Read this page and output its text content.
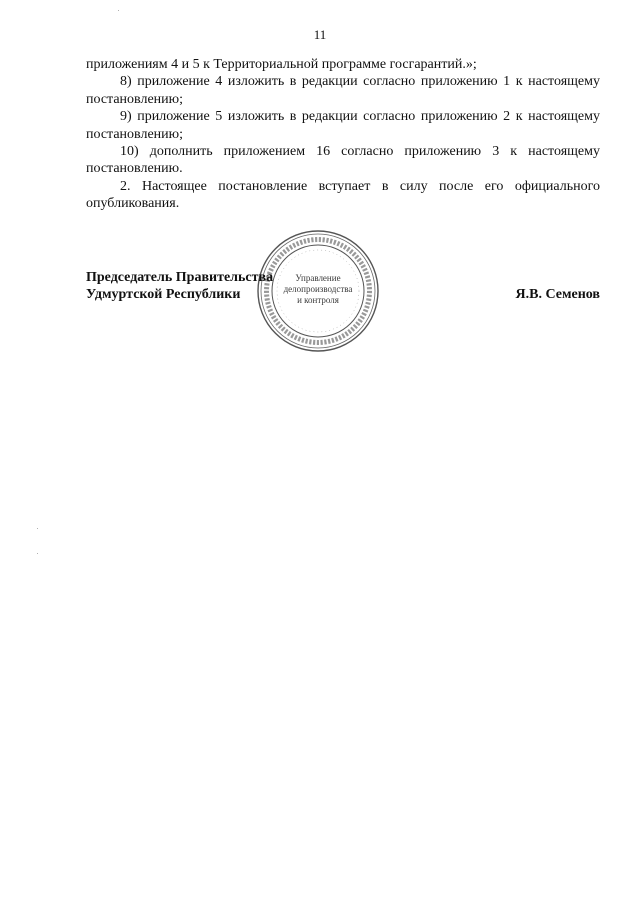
11

приложениям 4 и 5 к Территориальной программе госгарантий.»;

8) приложение 4 изложить в редакции согласно приложению 1 к настоящему постановлению;

9) приложение 5 изложить в редакции согласно приложению 2 к настоящему постановлению;

10) дополнить приложением 16 согласно приложению 3 к настоящему постановлению.

2. Настоящее постановление вступает в силу после его официального опубликования.

Управление
делопроизводства
и контроля
Председатель Правительства
Удмуртской Республики	Я.В. Семенов
